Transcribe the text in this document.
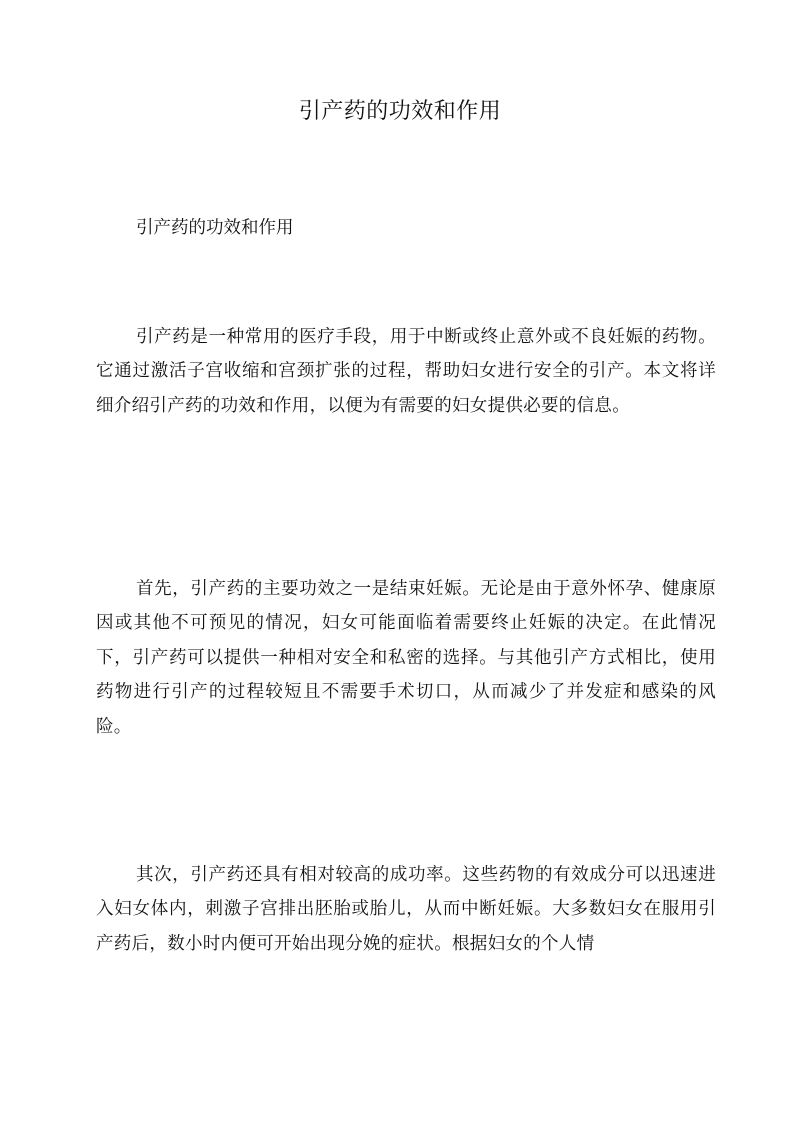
引产药的功效和作用

引产药的功效和作用

引产药是一种常用的医疗手段，用于中断或终止意外或不良妊娠的药物。它通过激活子宫收缩和宫颈扩张的过程，帮助妇女进行安全的引产。本文将详细介绍引产药的功效和作用，以便为有需要的妇女提供必要的信息。

首先，引产药的主要功效之一是结束妊娠。无论是由于意外怀孕、健康原因或其他不可预见的情况，妇女可能面临着需要终止妊娠的决定。在此情况下，引产药可以提供一种相对安全和私密的选择。与其他引产方式相比，使用药物进行引产的过程较短且不需要手术切口，从而减少了并发症和感染的风险。

其次，引产药还具有相对较高的成功率。这些药物的有效成分可以迅速进入妇女体内，刺激子宫排出胚胎或胎儿，从而中断妊娠。大多数妇女在服用引产药后，数小时内便可开始出现分娩的症状。根据妇女的个人情
